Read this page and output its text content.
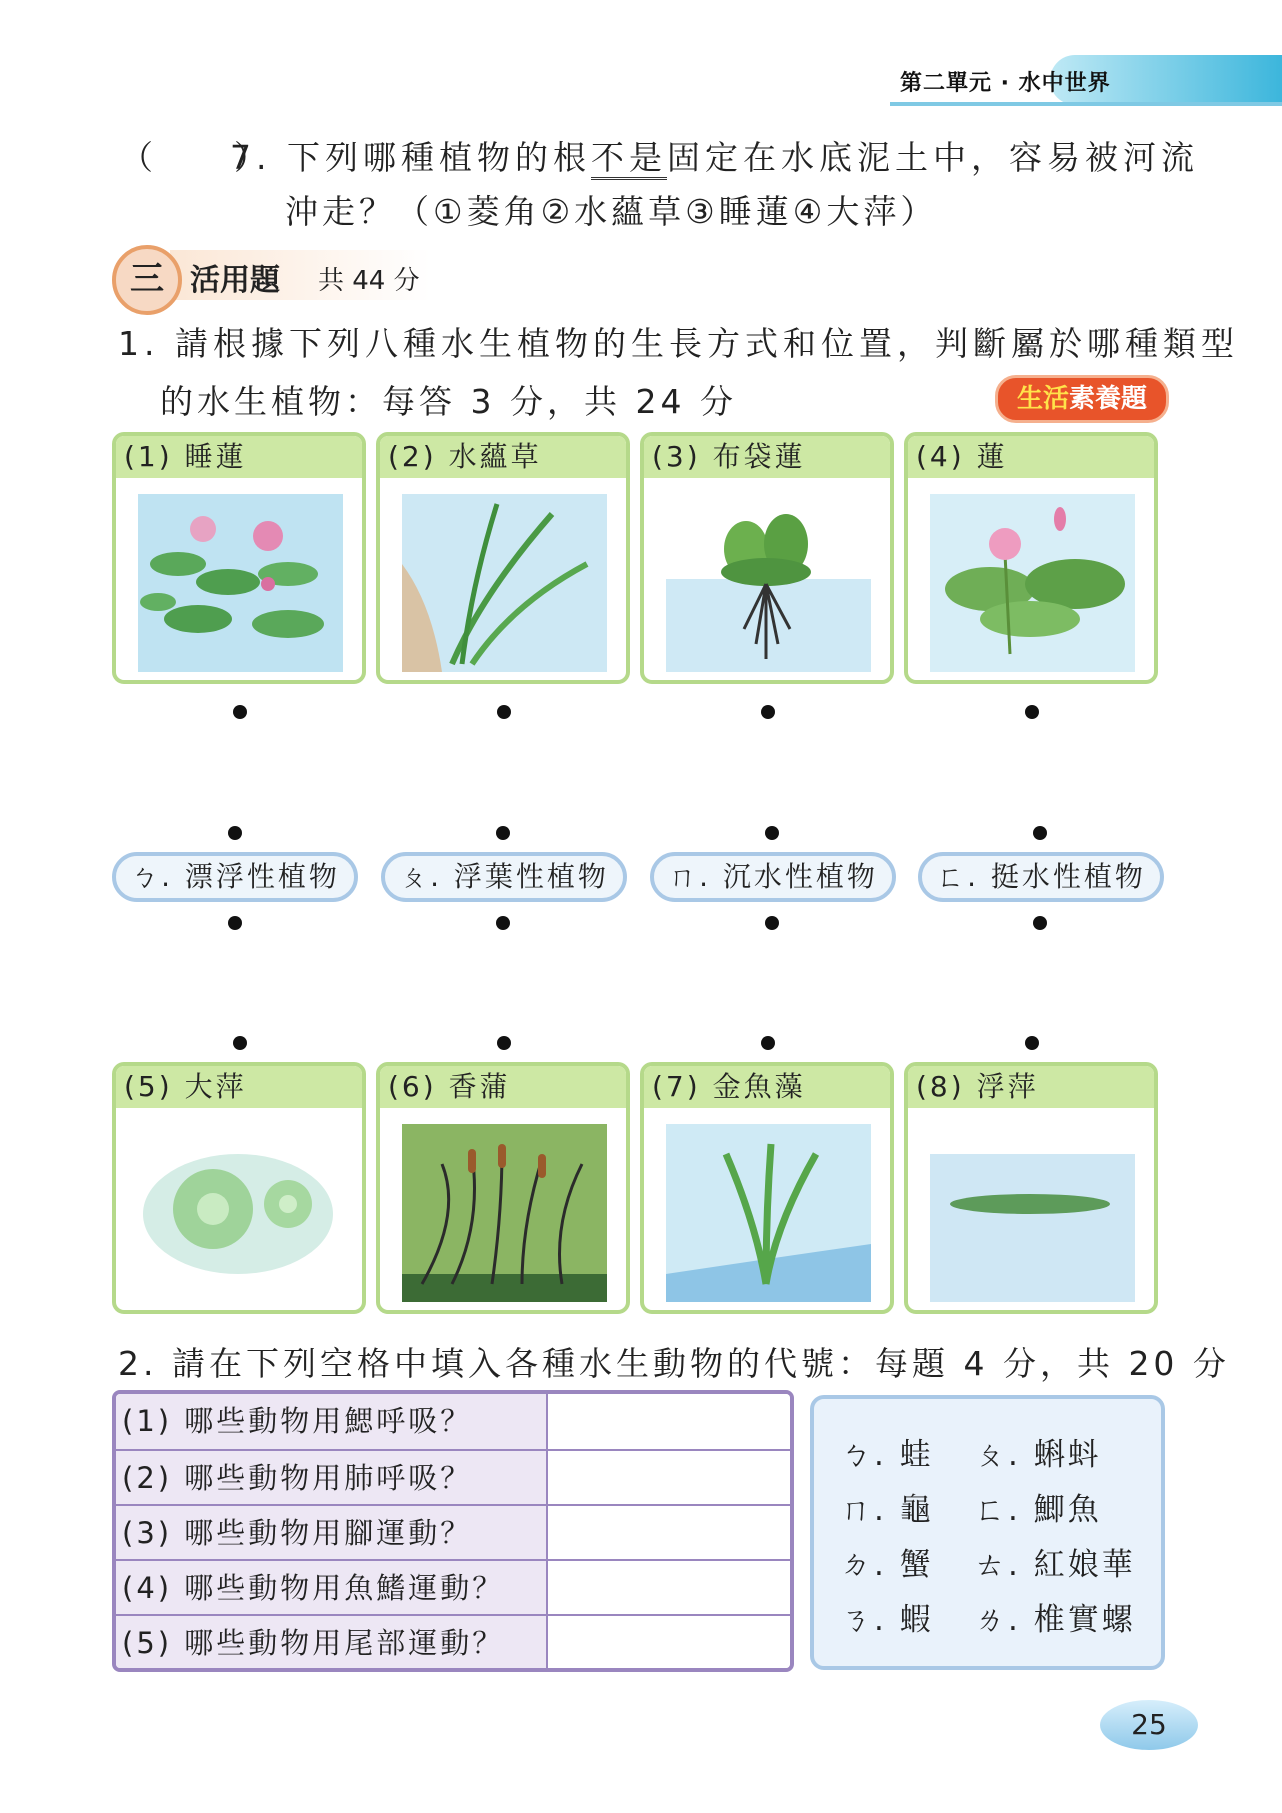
第二單元 · 水中世界
（　　）7. 下列哪種植物的根不是固定在水底泥土中，容易被河流
沖走？（①菱角②水蘊草③睡蓮④大萍）
三 活用題 共 44 分
1. 請根據下列八種水生植物的生長方式和位置，判斷屬於哪種類型
的水生植物：每答 3 分，共 24 分	生活素養題
(1) 睡蓮	(2) 水蘊草	(3) 布袋蓮	(4) 蓮
ㄅ. 漂浮性植物	ㄆ. 浮葉性植物	ㄇ. 沉水性植物	ㄈ. 挺水性植物
(5) 大萍	(6) 香蒲	(7) 金魚藻	(8) 浮萍
2. 請在下列空格中填入各種水生動物的代號：每題 4 分，共 20 分
(1) 哪些動物用鰓呼吸？
(2) 哪些動物用肺呼吸？
(3) 哪些動物用腳運動？
(4) 哪些動物用魚鰭運動？
(5) 哪些動物用尾部運動？
ㄅ. 蛙 ㄆ. 蝌蚪
ㄇ. 龜 ㄈ. 鯽魚
ㄉ. 蟹 ㄊ. 紅娘華
ㄋ. 蝦 ㄌ. 椎實螺
25
